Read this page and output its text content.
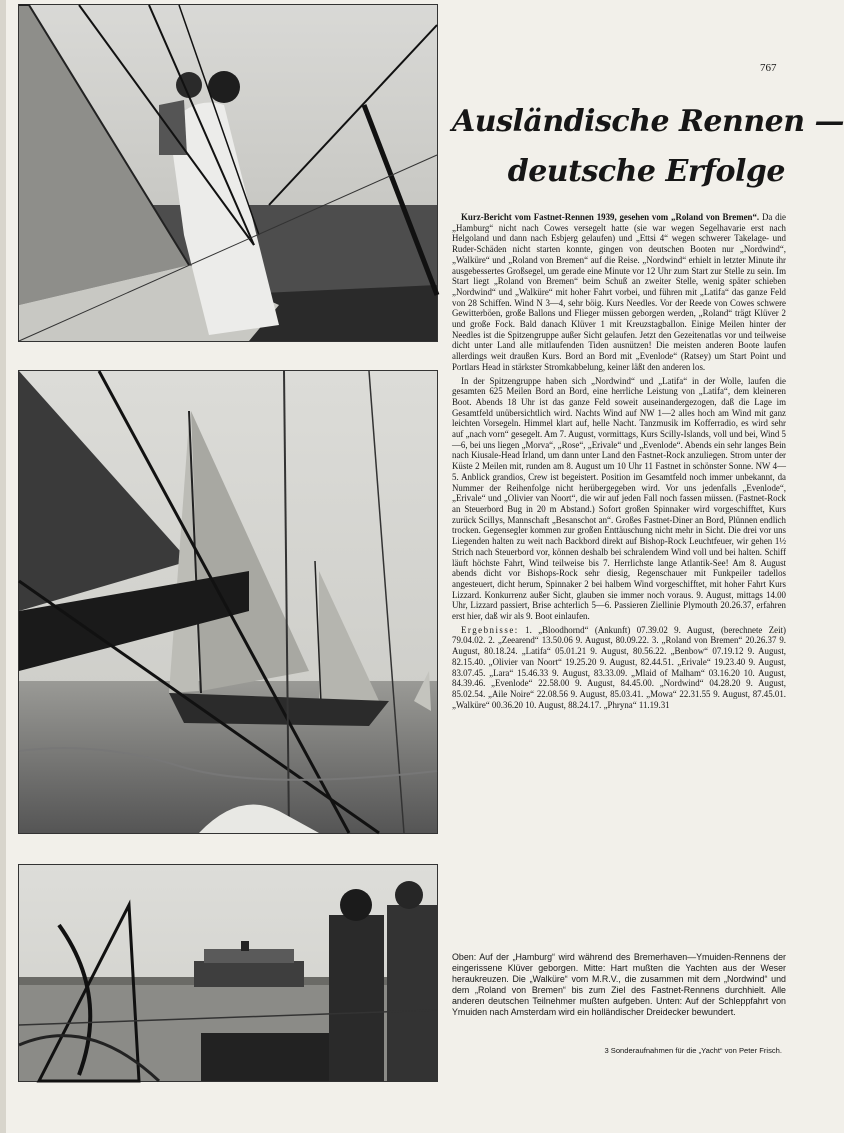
767
Ausländische Rennen —
deutsche Erfolge

Kurz-Bericht vom Fastnet-Rennen 1939, gesehen vom „Roland von Bremen“. Da die „Hamburg“ nicht nach Cowes versegelt hatte (sie war wegen Segelhavarie erst nach Helgoland und dann nach Esbjerg gelaufen) und „Ettsi 4“ wegen schwerer Takelage- und Ruder-Schäden nicht starten konnte, gingen von deutschen Booten nur „Nordwind“, „Walküre“ und „Roland von Bremen“ auf die Reise. „Nordwind“ erhielt in letzter Minute ihr ausgebessertes Großsegel, um gerade eine Minute vor 12 Uhr zum Start zur Stelle zu sein. Im Start liegt „Roland von Bremen“ beim Schuß an zweiter Stelle, wenig später schieben „Nordwind“ und „Walküre“ mit hoher Fahrt vorbei, und führen mit „Latifa“ das ganze Feld von 28 Schiffen. Wind N 3—4, sehr böig. Kurs Needles. Vor der Reede von Cowes schwere Gewitterböen, große Ballons und Flieger müssen geborgen werden, „Roland“ trägt Klüver 2 und große Fock. Bald danach Klüver 1 mit Kreuzstagballon. Einige Meilen hinter der Needles ist die Spitzengruppe außer Sicht gelaufen. Jetzt den Gezeitenatlas vor und teilweise dicht unter Land alle mitlaufenden Tiden ausnützen! Die meisten anderen Boote laufen allerdings weit draußen Kurs. Bord an Bord mit „Evenlode“ (Ratsey) um Start Point und Portlars Head in stärkster Stromkabbelung, keiner läßt den anderen los.

In der Spitzengruppe haben sich „Nordwind“ und „Latifa“ in der Wolle, laufen die gesamten 625 Meilen Bord an Bord, eine herrliche Leistung von „Latifa“, dem kleineren Boot. Abends 18 Uhr ist das ganze Feld soweit auseinandergezogen, daß die Lage im Gesamtfeld unübersichtlich wird. Nachts Wind auf NW 1—2 alles hoch am Wind mit ganz leichten Vorsegeln. Himmel klart auf, helle Nacht. Tanzmusik im Kofferradio, es wird sehr auf „nach vorn“ gesegelt. Am 7. August, vormittags, Kurs Scilly-Islands, voll und bei, Wind 5—6, bei uns liegen „Morva“, „Rose“, „Erivale“ und „Evenlode“. Abends ein sehr langes Bein nach Kiusale-Head Irland, um dann unter Land den Fastnet-Rock anzuliegen. Strom unter der Küste 2 Meilen mit, runden am 8. August um 10 Uhr 11 Fastnet in schönster Sonne. NW 4—5. Anblick grandios, Crew ist begeistert. Position im Gesamtfeld noch immer unbekannt, da Nummer der Reihenfolge nicht herübergegeben wird. Vor uns jedenfalls „Evenlode“, „Erivale“ und „Olivier van Noort“, die wir auf jeden Fall noch fassen müssen. (Fastnet-Rock an Steuerbord Bug in 20 m Abstand.) Sofort großen Spinnaker wird vorgeschifftet, Kurs zurück Scillys, Mannschaft „Besanschot an“. Großes Fastnet-Diner an Bord, Plünnen endlich trocken. Gegensegler kommen zur großen Enttäuschung nicht mehr in Sicht. Die drei vor uns Liegenden halten zu weit nach Backbord direkt auf Bishop-Rock Leuchtfeuer, wir gehen 1½ Strich nach Steuerbord vor, können deshalb bei schralendem Wind voll und bei halten. Schiff läuft höchste Fahrt, Wind teilweise bis 7. Herrlichste lange Atlantik-See! Am 8. August abends dicht vor Bishops-Rock sehr diesig, Regenschauer mit Funkpeiler tadellos angesteuert, dicht herum, Spinnaker 2 bei halbem Wind vorgeschifftet, mit hoher Fahrt Kurs Lizzard. Konkurrenz außer Sicht, glauben sie immer noch voraus. 9. August, mittags 14.00 Uhr, Lizzard passiert, Brise achterlich 5—6. Passieren Ziellinie Plymouth 20.26.37, erfahren erst hier, daß wir als 9. Boot einlaufen.

Ergebnisse: 1. „Bloodhornd“ (Ankunft) 07.39.02 9. August, (berechnete Zeit) 79.04.02. 2. „Zeearend“ 13.50.06 9. August, 80.09.22. 3. „Roland von Bremen“ 20.26.37 9. August, 80.18.24. „Latifa“ 05.01.21 9. August, 80.56.22. „Benbow“ 07.19.12 9. August, 82.15.40. „Olivier van Noort“ 19.25.20 9. August, 82.44.51. „Erivale“ 19.23.40 9. August, 83.07.45. „Lara“ 15.46.33 9. August, 83.33.09. „Mlaid of Malham“ 03.16.20 10. August, 84.39.46. „Evenlode“ 22.58.00 9. August, 84.45.00. „Nordwind“ 04.28.20 9. August, 85.02.54. „Aile Noire“ 22.08.56 9. August, 85.03.41. „Mowa“ 22.31.55 9. August, 87.45.01. „Walküre“ 00.36.20 10. August, 88.24.17. „Phryna“ 11.19.31

Oben: Auf der „Hamburg“ wird während des Bremerhaven—Ymuiden-Rennens der eingerissene Klüver geborgen. Mitte: Hart mußten die Yachten aus der Weser heraukreuzen. Die „Walküre“ vom M.R.V., die zusammen mit dem „Nordwind“ und dem „Roland von Bremen“ bis zum Ziel des Fastnet-Rennens durchhielt. Alle anderen deutschen Teilnehmer mußten aufgeben. Unten: Auf der Schleppfahrt von Ymuiden nach Amsterdam wird ein holländischer Dreidecker bewundert.
3 Sonderaufnahmen für die „Yacht“ von Peter Frisch.
